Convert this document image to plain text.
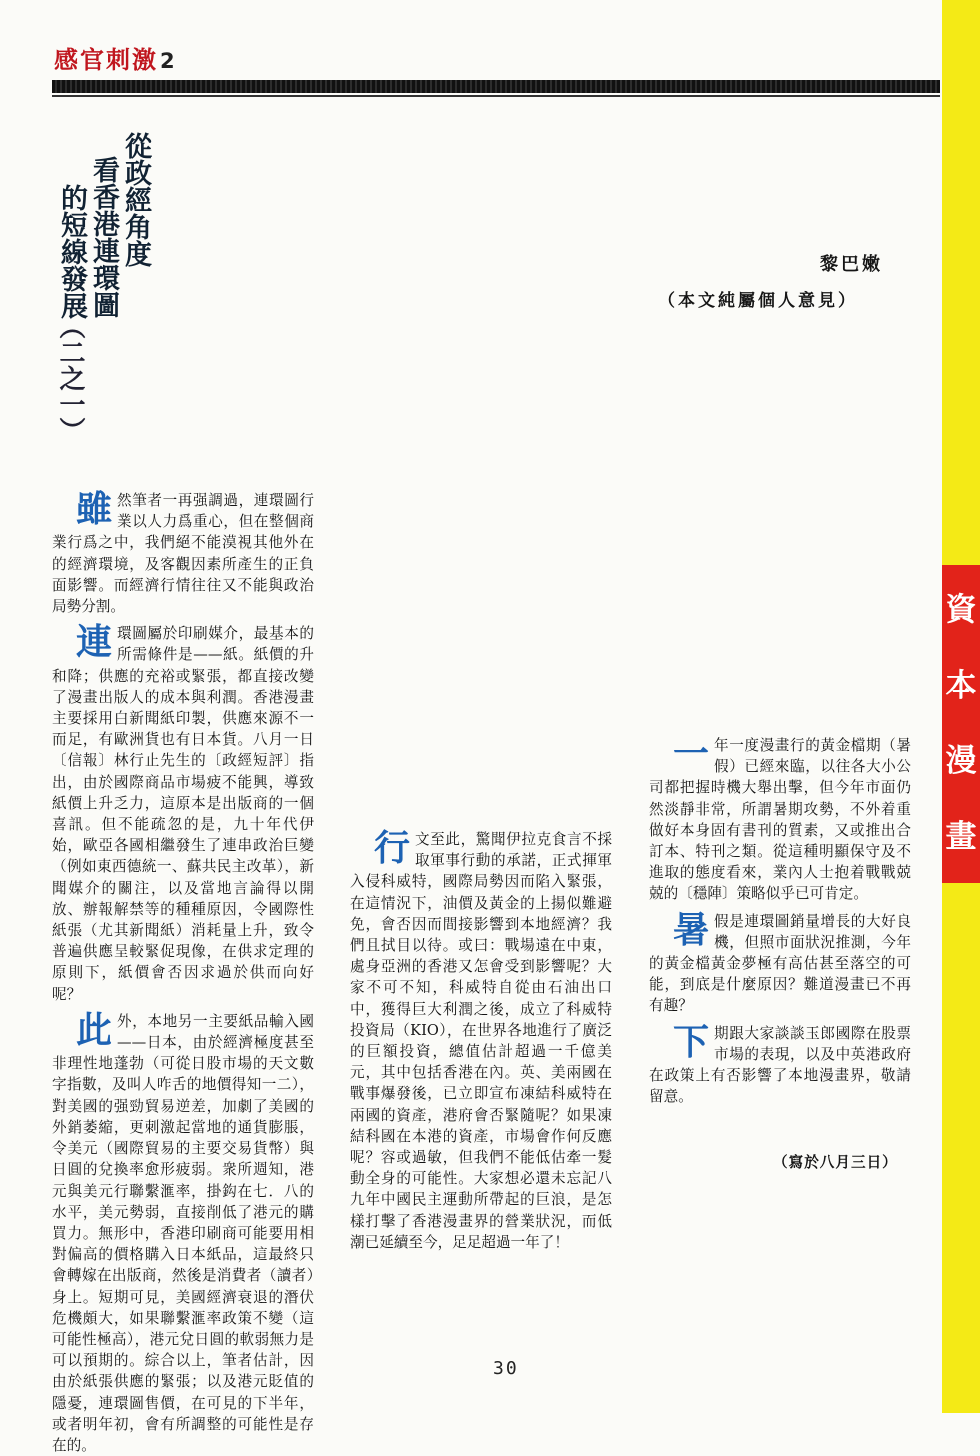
資
本
漫
畫
感官刺激2
從政經角度
看香港連環圖
的短線發展
（二之一）
黎巴嫩
（本文純屬個人意見）

雖然筆者一再强調過，連環圖行業以人力爲重心，但在整個商業行爲之中，我們絕不能漠視其他外在的經濟環境，及客觀因素所產生的正負面影響。而經濟行情往往又不能與政治局勢分割。

連環圖屬於印刷媒介，最基本的所需條件是——紙。紙價的升和降；供應的充裕或緊張，都直接改變了漫畫出版人的成本與利潤。香港漫畫主要採用白新聞紙印製，供應來源不一而足，有歐洲貨也有日本貨。八月一日〔信報〕林行止先生的〔政經短評〕指出，由於國際商品市場疲不能興，導致紙價上升乏力，這原本是出版商的一個喜訊。但不能疏忽的是，九十年代伊始，歐亞各國相繼發生了連串政治巨變（例如東西德統一、蘇共民主改革），新聞媒介的關注，以及當地言論得以開放、辦報解禁等的種種原因，令國際性紙張（尤其新聞紙）消耗量上升，致令普遍供應呈較緊促現像，在供求定理的原則下，紙價會否因求過於供而向好呢？

此外，本地另一主要紙品輸入國——日本，由於經濟極度甚至非理性地蓬勃（可從日股市場的天文數字指數，及叫人咋舌的地價得知一二），對美國的强勁貿易逆差，加劇了美國的外銷萎縮，更刺激起當地的通貨膨脹，令美元（國際貿易的主要交易貨幣）與日圓的兌換率愈形疲弱。衆所週知，港元與美元行聯繫滙率，掛鈎在七．八的水平，美元勢弱，直接削低了港元的購買力。無形中，香港印刷商可能要用相對偏高的價格購入日本紙品，這最終只會轉嫁在出版商，然後是消費者（讀者）身上。短期可見，美國經濟衰退的潛伏危機頗大，如果聯繫滙率政策不變（這可能性極高），港元兌日圓的軟弱無力是可以預期的。綜合以上，筆者估計，因由於紙張供應的緊張；以及港元貶值的隱憂，連環圖售價，在可見的下半年，或者明年初，會有所調整的可能性是存在的。

行文至此，驚聞伊拉克食言不採取軍事行動的承諾，正式揮軍入侵科威特，國際局勢因而陷入緊張，在這情況下，油價及黃金的上揚似難避免，會否因而間接影響到本地經濟？我們且拭目以待。或曰：戰場遠在中東，處身亞洲的香港又怎會受到影響呢？大家不可不知，科威特自從由石油出口中，獲得巨大利潤之後，成立了科威特投資局（KIO），在世界各地進行了廣泛的巨額投資，總值估計超過一千億美元，其中包括香港在內。英、美兩國在戰事爆發後，已立即宣布凍結科威特在兩國的資產，港府會否緊隨呢？如果凍結科國在本港的資產，市場會作何反應呢？容或過敏，但我們不能低估牽一髮動全身的可能性。大家想必還未忘記八九年中國民主運動所帶起的巨浪，是怎樣打擊了香港漫畫界的營業狀況，而低潮已延續至今，足足超過一年了！

一年一度漫畫行的黃金檔期（暑假）已經來臨，以往各大小公司都把握時機大舉出擊，但今年市面仍然淡靜非常，所謂暑期攻勢，不外着重做好本身固有書刊的質素，又或推出合訂本、特刊之類。從這種明顯保守及不進取的態度看來，業內人士抱着戰戰兢兢的〔穩陣〕策略似乎已可肯定。

暑假是連環圖銷量增長的大好良機，但照市面狀況推測，今年的黃金檔黃金夢極有高估甚至落空的可能，到底是什麼原因？難道漫畫已不再有趣？

下期跟大家談談玉郎國際在股票市場的表現，以及中英港政府在政策上有否影響了本地漫畫界，敬請留意。

（寫於八月三日）
30
